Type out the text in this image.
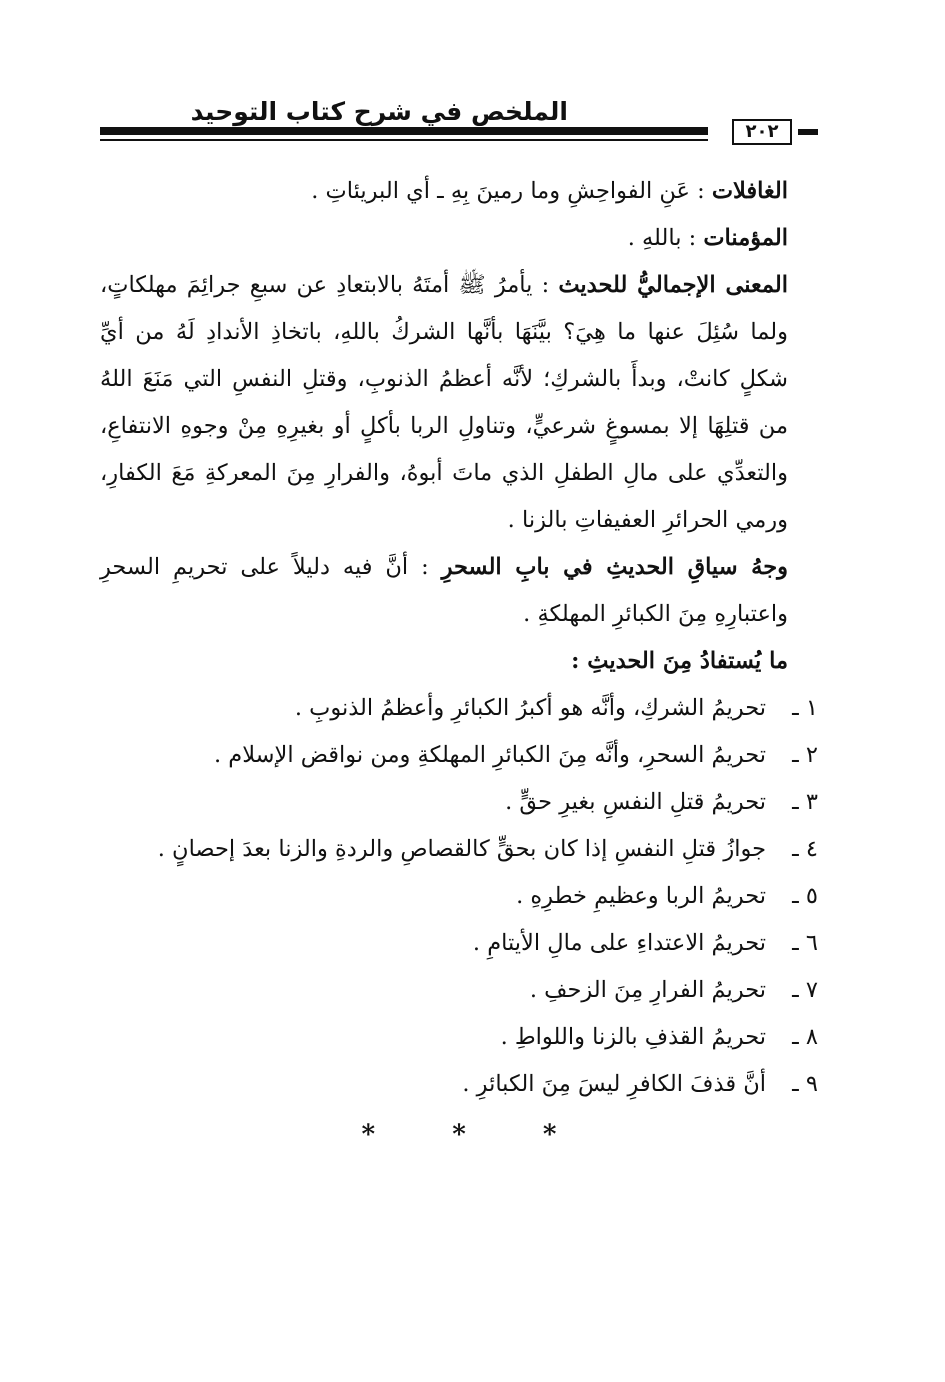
الملخص في شرح كتاب التوحيد
٢٠٢

الغافلات : عَنِ الفواحِشِ وما رمينَ بِهِ ـ أي البريئاتِ .

المؤمنات : باللهِ .

المعنى الإجماليُّ للحديث : يأمرُ ﷺ أمتَهُ بالابتعادِ عن سبعِ جرائِمَ مهلكاتٍ، ولما سُئِلَ عنها ما هِيَ؟ بيَّنَهَا بأنَّها الشركُ باللهِ، باتخاذِ الأندادِ لَهُ من أيِّ شكلٍ كانتْ، وبدأَ بالشركِ؛ لأنَّه أعظمُ الذنوبِ، وقتلِ النفسِ التي مَنَعَ اللهُ من قتلِهَا إلا بمسوغٍ شرعيٍّ، وتناولِ الربا بأكلٍ أو بغيرِهِ مِنْ وجوهِ الانتفاعِ، والتعدِّي على مالِ الطفلِ الذي ماتَ أبوهُ، والفرارِ مِنَ المعركةِ مَعَ الكفارِ، ورمي الحرائرِ العفيفاتِ بالزنا .

وجهُ سياقِ الحديثِ في بابِ السحرِ : أنَّ فيه دليلاً على تحريمِ السحرِ واعتبارِهِ مِنَ الكبائرِ المهلكةِ .

ما يُستفادُ مِنَ الحديثِ :

١ ـ
تحريمُ الشركِ، وأنَّه هو أكبرُ الكبائرِ وأعظمُ الذنوبِ .
٢ ـ
تحريمُ السحرِ، وأنَّه مِنَ الكبائرِ المهلكةِ ومن نواقض الإسلام .
٣ ـ
تحريمُ قتلِ النفسِ بغيرِ حقٍّ .
٤ ـ
جوازُ قتلِ النفسِ إذا كان بحقٍّ كالقصاصِ والردةِ والزنا بعدَ إحصانٍ .
٥ ـ
تحريمُ الربا وعظيمِ خطرِهِ .
٦ ـ
تحريمُ الاعتداءِ على مالِ الأيتامِ .
٧ ـ
تحريمُ الفرارِ مِنَ الزحفِ .
٨ ـ
تحريمُ القذفِ بالزنا واللواطِ .
٩ ـ
أنَّ قذفَ الكافرِ ليسَ مِنَ الكبائرِ .
* * *
